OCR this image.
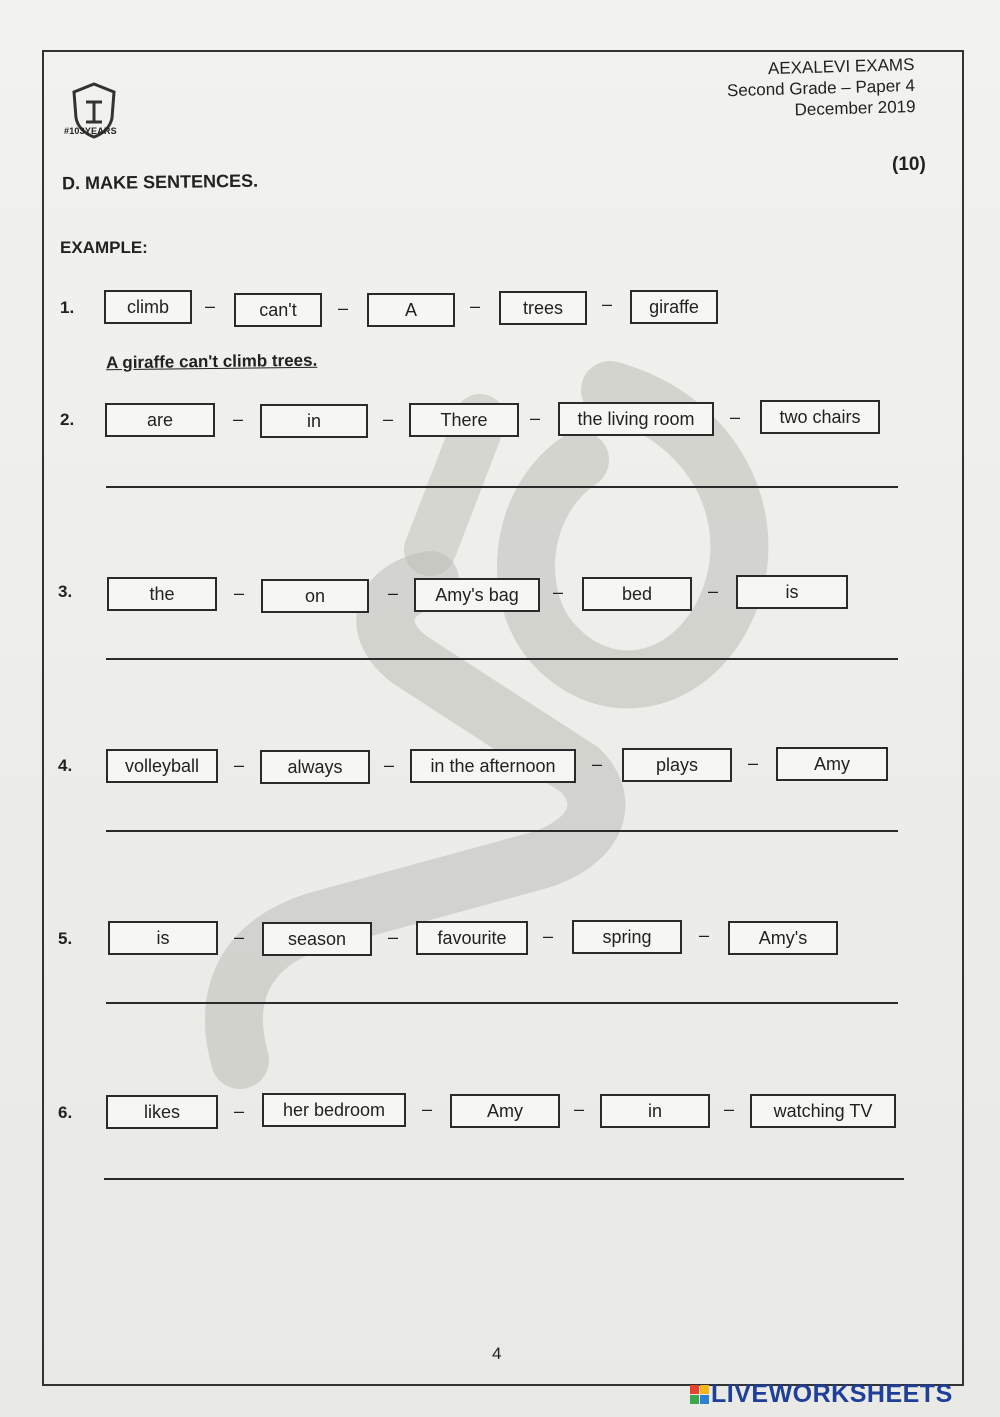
#103YEARS
AEXALEVI EXAMS
Second Grade – Paper 4
December 2019
(10)
D. MAKE SENTENCES.
EXAMPLE:
1.	climb	–	can't	–	A	–	trees	–	giraffe
A giraffe can't climb trees.
2.	are	–	in	–	There	–	the living room	–	two chairs
3.	the	–	on	–	Amy's bag	–	bed	–	is
4.	volleyball	–	always	–	in the afternoon	–	plays	–	Amy
5.	is	–	season	–	favourite	–	spring	–	Amy's
6.	likes	–	her bedroom	–	Amy	–	in	–	watching TV
4
LIVEWORKSHEETS
